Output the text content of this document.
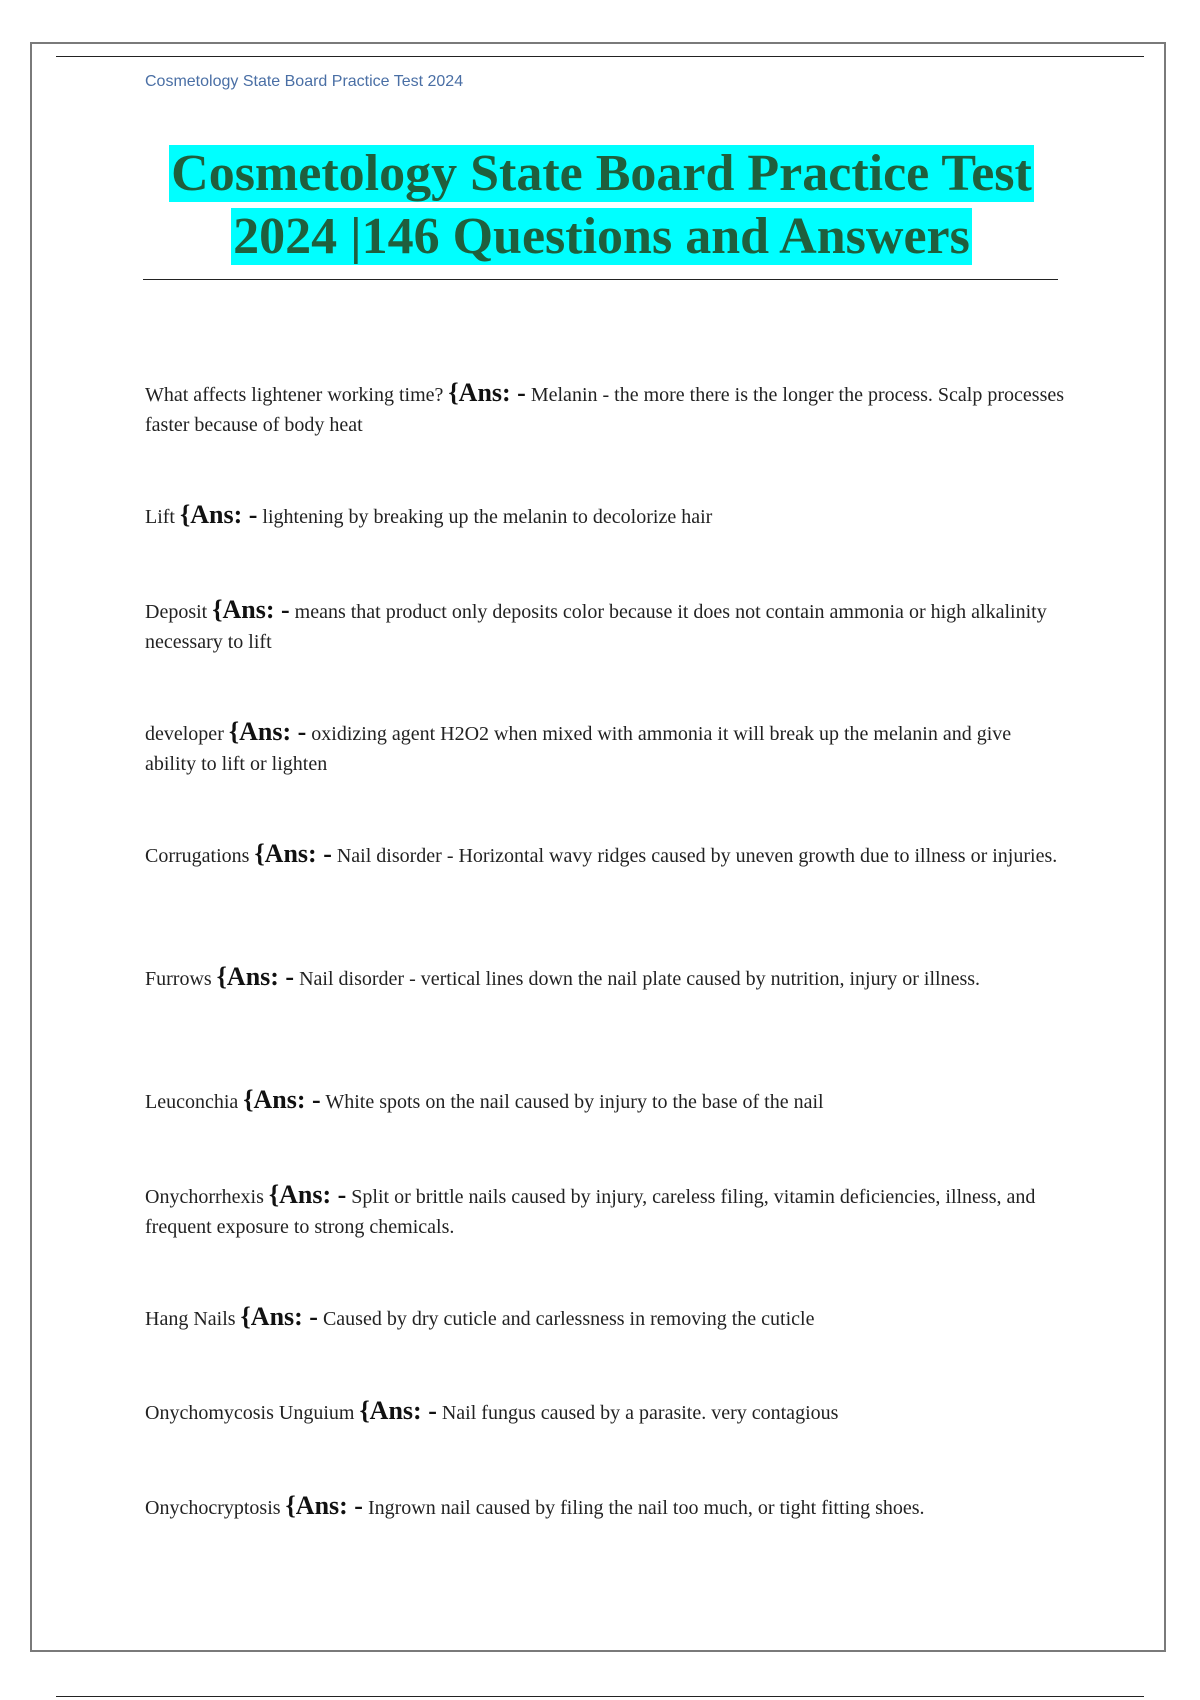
Cosmetology State Board Practice Test 2024
Cosmetology State Board Practice Test
2024 |146 Questions and Answers
What affects lightener working time? {Ans: - Melanin - the more there is the longer the process. Scalp processes faster because of body heat
Lift {Ans: - lightening by breaking up the melanin to decolorize hair
Deposit {Ans: - means that product only deposits color because it does not contain ammonia or high alkalinity necessary to lift
developer {Ans: - oxidizing agent H2O2 when mixed with ammonia it will break up the melanin and give ability to lift or lighten
Corrugations {Ans: - Nail disorder - Horizontal wavy ridges caused by uneven growth due to illness or injuries.
Furrows {Ans: - Nail disorder - vertical lines down the nail plate caused by nutrition, injury or illness.
Leuconchia {Ans: - White spots on the nail caused by injury to the base of the nail
Onychorrhexis {Ans: - Split or brittle nails caused by injury, careless filing, vitamin deficiencies, illness, and frequent exposure to strong chemicals.
Hang Nails {Ans: - Caused by dry cuticle and carlessness in removing the cuticle
Onychomycosis Unguium {Ans: - Nail fungus caused by a parasite. very contagious
Onychocryptosis {Ans: - Ingrown nail caused by filing the nail too much, or tight fitting shoes.
